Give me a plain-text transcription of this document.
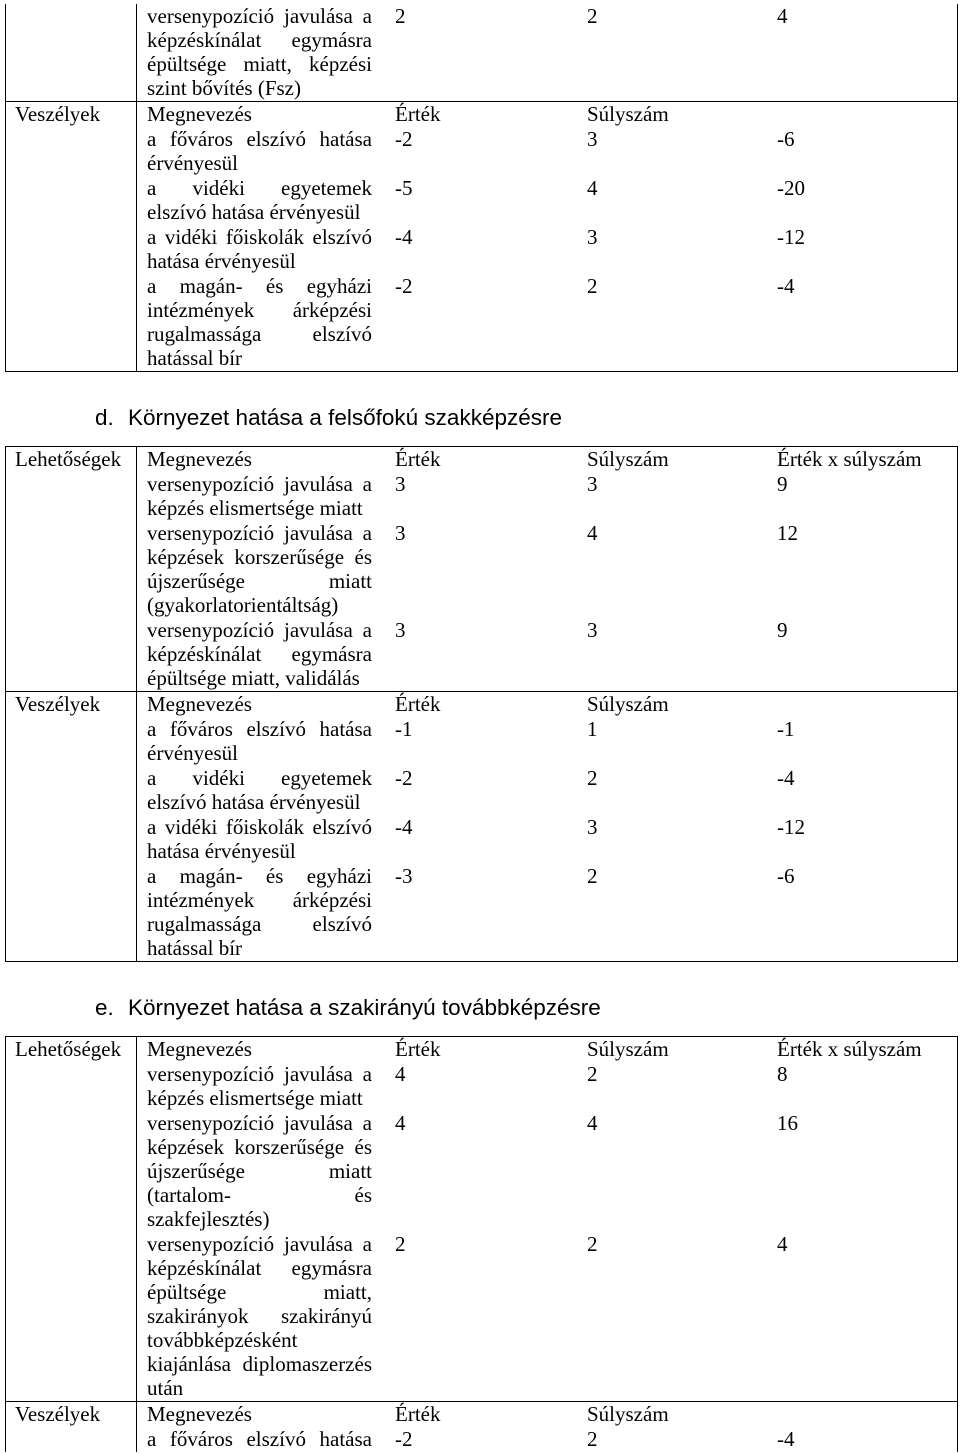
versenypozíció javulása a
képzéskínálat egymásra
épültsége miatt, képzési
szint bővítés (Fsz)
2	2	4
Veszélyek	Megnevezés	Érték	Súlyszám
a főváros elszívó hatása
érvényesül
-2	3	-6
a vidéki egyetemek
elszívó hatása érvényesül
-5	4	-20
a vidéki főiskolák elszívó
hatása érvényesül
-4	3	-12
a magán- és egyházi
intézmények árképzési
rugalmassága elszívó
hatással bír
-2	2	-4
d. Környezet hatása a felsőfokú szakképzésre
Lehetőségek	Megnevezés	Érték	Súlyszám	Érték x súlyszám
versenypozíció javulása a
képzés elismertsége miatt
3	3	9
versenypozíció javulása a
képzések korszerűsége és
újszerűsége miatt
(gyakorlatorientáltság)
3	4	12
versenypozíció javulása a
képzéskínálat egymásra
épültsége miatt, validálás
3	3	9
Veszélyek	Megnevezés	Érték	Súlyszám
a főváros elszívó hatása
érvényesül
-1	1	-1
a vidéki egyetemek
elszívó hatása érvényesül
-2	2	-4
a vidéki főiskolák elszívó
hatása érvényesül
-4	3	-12
a magán- és egyházi
intézmények árképzési
rugalmassága elszívó
hatással bír
-3	2	-6
e. Környezet hatása a szakirányú továbbképzésre
Lehetőségek	Megnevezés	Érték	Súlyszám	Érték x súlyszám
versenypozíció javulása a
képzés elismertsége miatt
4	2	8
versenypozíció javulása a
képzések korszerűsége és
újszerűsége miatt
(tartalom- és
szakfejlesztés)
4	4	16
versenypozíció javulása a
képzéskínálat egymásra
épültsége miatt,
szakirányok szakirányú
továbbképzésként
kiajánlása diplomaszerzés
után
2	2	4
Veszélyek	Megnevezés	Érték	Súlyszám
a főváros elszívó hatása	-2	2	-4
